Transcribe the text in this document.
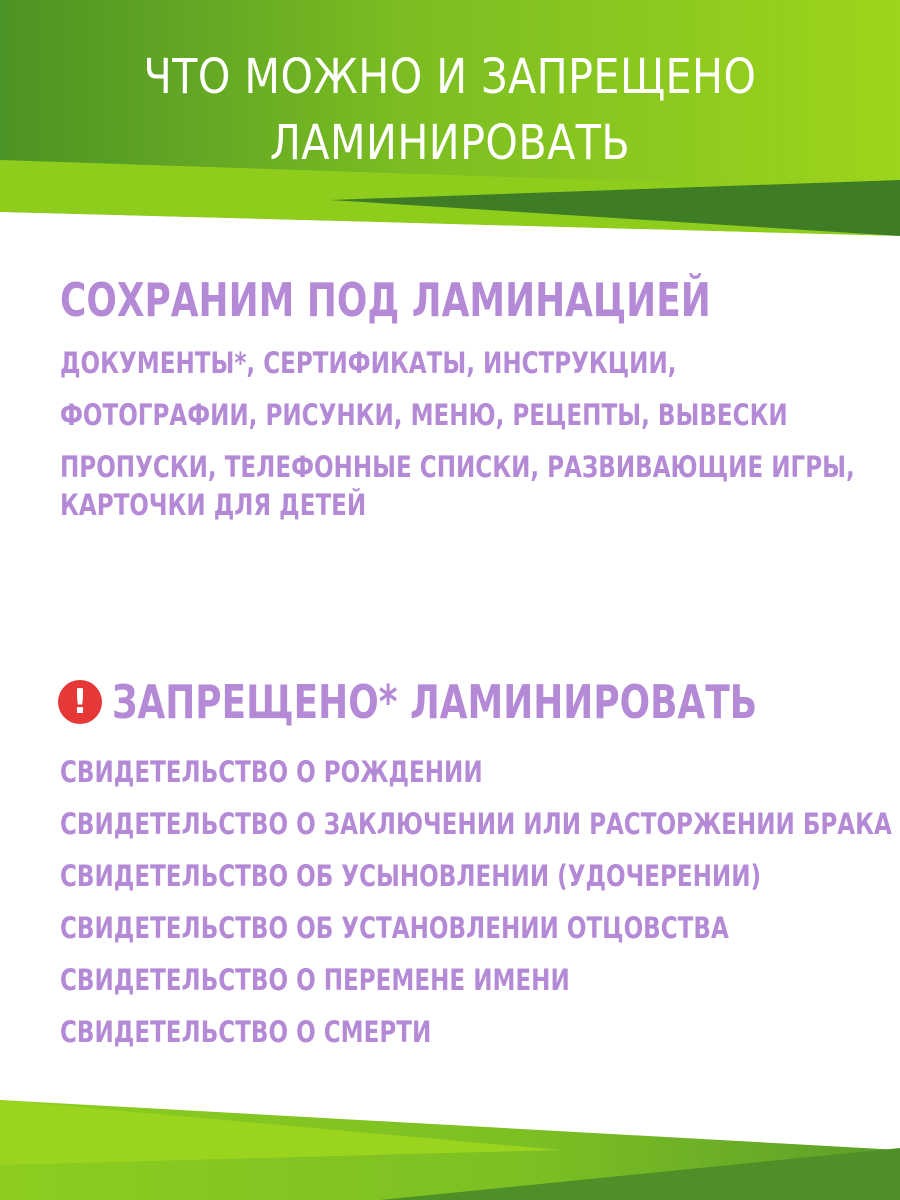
ЧТО МОЖНО И ЗАПРЕЩЕНО
ЛАМИНИРОВАТЬ
СОХРАНИМ ПОД ЛАМИНАЦИЕЙ
ДОКУМЕНТЫ*, СЕРТИФИКАТЫ, ИНСТРУКЦИИ,
ФОТОГРАФИИ, РИСУНКИ, МЕНЮ, РЕЦЕПТЫ, ВЫВЕСКИ
ПРОПУСКИ, ТЕЛЕФОННЫЕ СПИСКИ, РАЗВИВАЮЩИЕ ИГРЫ,
КАРТОЧКИ ДЛЯ ДЕТЕЙ
! ЗАПРЕЩЕНО* ЛАМИНИРОВАТЬ
СВИДЕТЕЛЬСТВО О РОЖДЕНИИ
СВИДЕТЕЛЬСТВО О ЗАКЛЮЧЕНИИ ИЛИ РАСТОРЖЕНИИ БРАКА
СВИДЕТЕЛЬСТВО ОБ УСЫНОВЛЕНИИ (УДОЧЕРЕНИИ)
СВИДЕТЕЛЬСТВО ОБ УСТАНОВЛЕНИИ ОТЦОВСТВА
СВИДЕТЕЛЬСТВО О ПЕРЕМЕНЕ ИМЕНИ
СВИДЕТЕЛЬСТВО О СМЕРТИ
